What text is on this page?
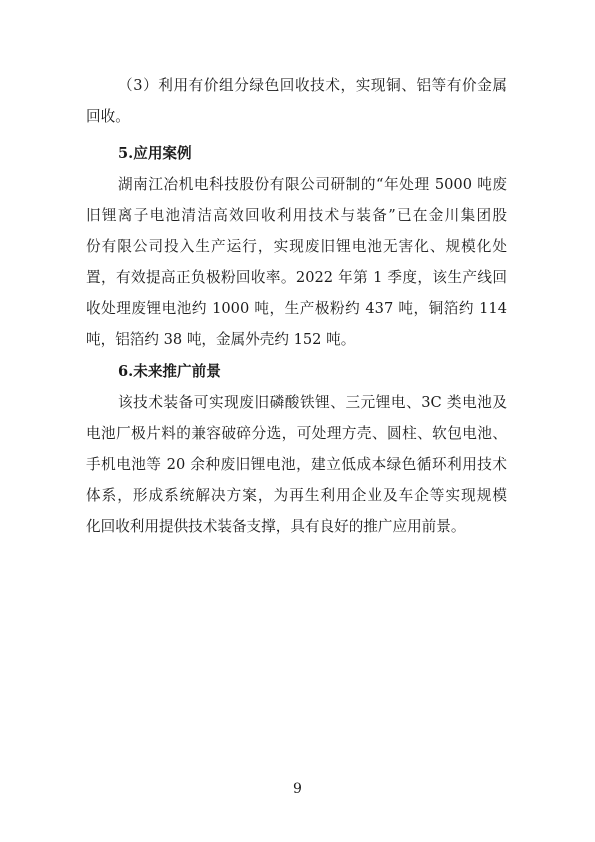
（3）利用有价组分绿色回收技术，实现铜、铝等有价金属
回收。
5.应用案例
湖南江冶机电科技股份有限公司研制的“年处理 5000 吨废
旧锂离子电池清洁高效回收利用技术与装备”已在金川集团股
份有限公司投入生产运行，实现废旧锂电池无害化、规模化处
置，有效提高正负极粉回收率。2022 年第 1 季度，该生产线回
收处理废锂电池约 1000 吨，生产极粉约 437 吨，铜箔约 114
吨，铝箔约 38 吨，金属外壳约 152 吨。
6.未来推广前景
该技术装备可实现废旧磷酸铁锂、三元锂电、3C 类电池及
电池厂极片料的兼容破碎分选，可处理方壳、圆柱、软包电池、
手机电池等 20 余种废旧锂电池，建立低成本绿色循环利用技术
体系，形成系统解决方案，为再生利用企业及车企等实现规模
化回收利用提供技术装备支撑，具有良好的推广应用前景。
9
